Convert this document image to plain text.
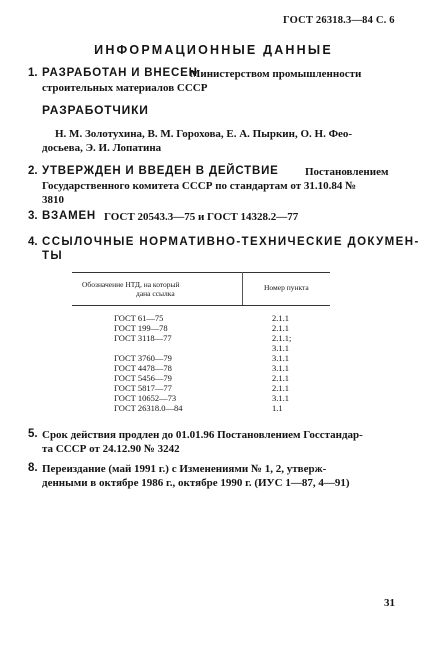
ГОСТ 26318.3—84 С. 6
ИНФОРМАЦИОННЫЕ ДАННЫЕ
1. РАЗРАБОТАН И ВНЕСЕН
Министерством промышленности
строительных материалов СССР
РАЗРАБОТЧИКИ
Н. М. Золотухина, В. М. Горохова, Е. А. Пыркин, О. Н. Фео-
досьева, Э. И. Лопатина
2. УТВЕРЖДЕН И ВВЕДЕН В ДЕЙСТВИЕ Постановлением
Государственного комитета СССР по стандартам от 31.10.84 №
3810
3. ВЗАМЕН ГОСТ 20543.3—75 и ГОСТ 14328.2—77
4. ССЫЛОЧНЫЕ НОРМАТИВНО-ТЕХНИЧЕСКИЕ ДОКУМЕН-
ТЫ
Обозначение НТД, на который
дана ссылка
Номер пункта
ГОСТ 61—75	2.1.1
ГОСТ 199—78	2.1.1
ГОСТ 3118—77	2.1.1;
3.1.1
ГОСТ 3760—79	3.1.1
ГОСТ 4478—78	3.1.1
ГОСТ 5456—79	2.1.1
ГОСТ 5817—77	2.1.1
ГОСТ 10652—73	3.1.1
ГОСТ 26318.0—84	1.1
5. Срок действия продлен до 01.01.96 Постановлением Госстандар-
та СССР от 24.12.90 № 3242
8. Переиздание (май 1991 г.) с Изменениями № 1, 2, утверж-
денными в октябре 1986 г., октябре 1990 г. (ИУС 1—87, 4—91)
31
